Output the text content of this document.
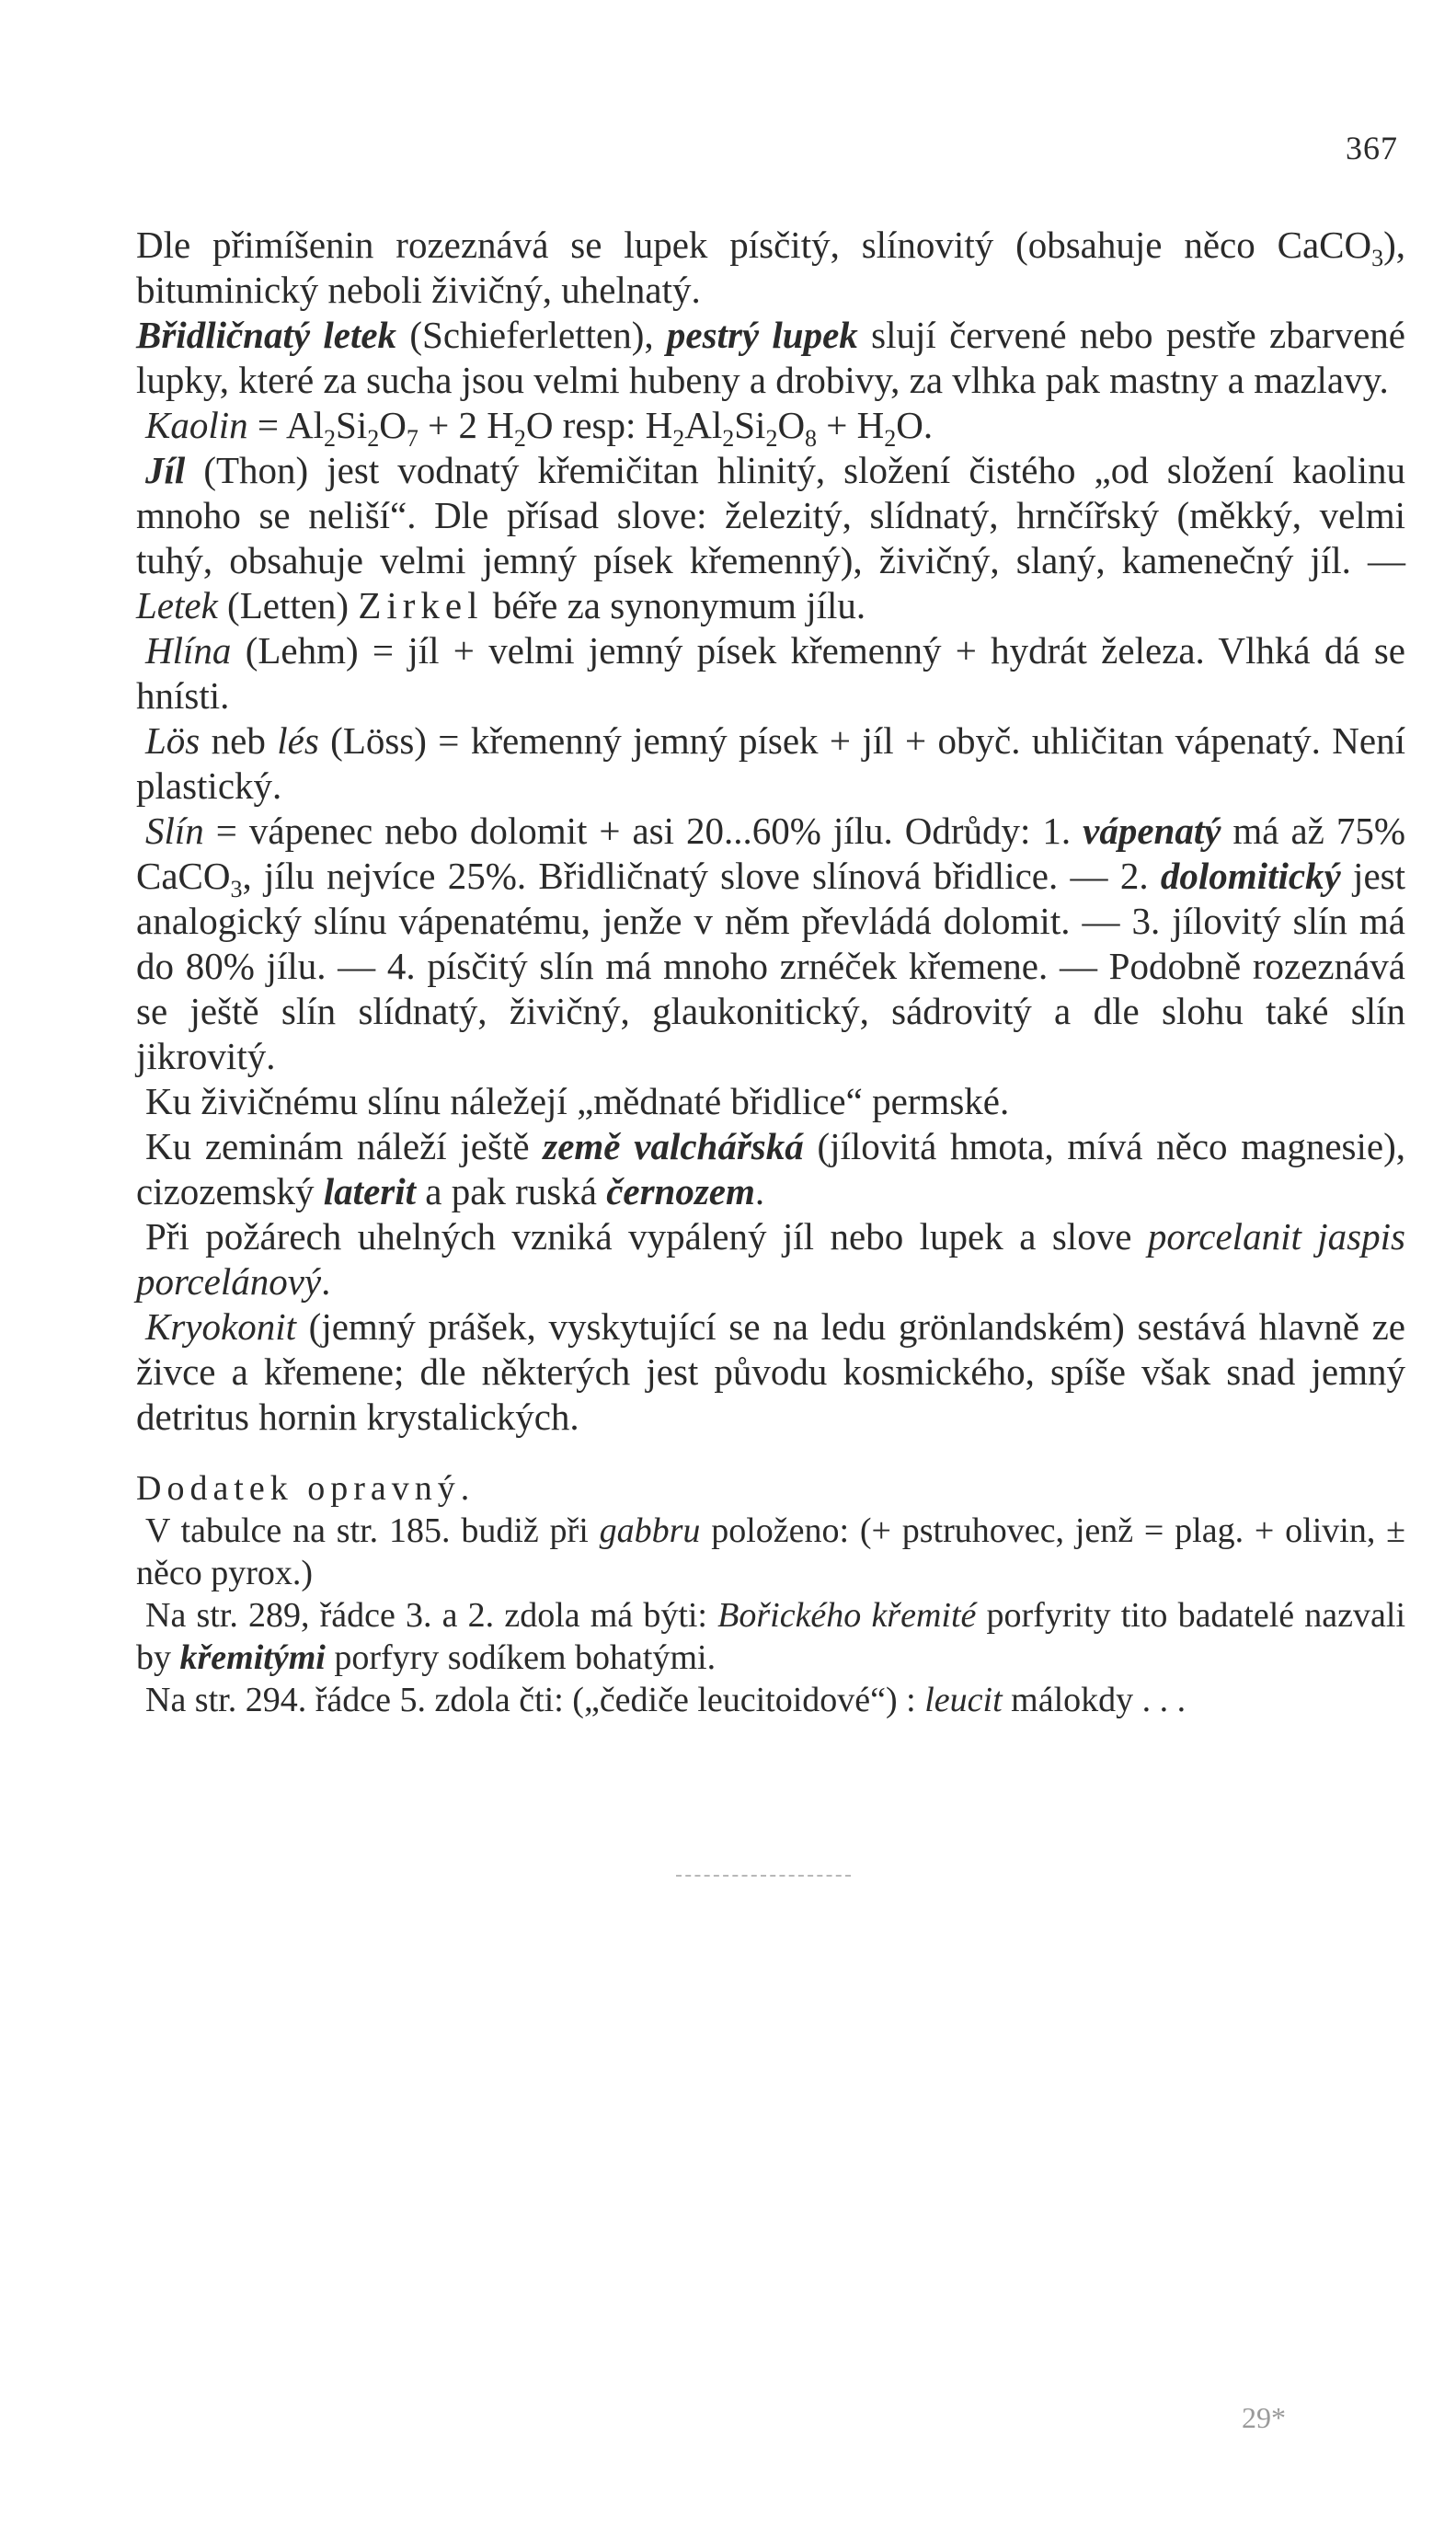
367

Dle přimíšenin rozeznává se lupek písčitý, slínovitý (obsahuje něco CaCO$_3$), bituminický neboli živičný, uhelnatý.

Břidličnatý letek (Schieferletten), pestrý lupek slují červené nebo pestře zbarvené lupky, které za sucha jsou velmi hubeny a drobivy, za vlhka pak mastny a mazlavy.

Kaolin = $Al_2Si_2O_7 + 2$ $H_2O$ resp: $H_2Al_2Si_2O_8 + H_2O$.

Jíl (Thon) jest vodnatý křemičitan hlinitý, složení čistého „od složení kaolinu mnoho se neliší“. Dle přísad slove: železitý, slídnatý, hrnčířský (měkký, velmi tuhý, obsahuje velmi jemný písek křemenný), živičný, slaný, kamenečný jíl. — Letek (Letten) Zirkel béře za synonymum jílu.

Hlína (Lehm) = jíl + velmi jemný písek křemenný + hydrát železa. Vlhká dá se hnísti.

Lös neb lés (Löss) = křemenný jemný písek + jíl + obyč. uhličitan vápenatý. Není plastický.

Slín = vápenec nebo dolomit + asi 20...60% jílu. Odrůdy: 1. vápenatý má až 75% CaCO$_3$, jílu nejvíce 25%. Břidličnatý slove slínová břidlice. — 2. dolomitický jest analogický slínu vápenatému, jenže v něm převládá dolomit. — 3. jílovitý slín má do 80% jílu. — 4. písčitý slín má mnoho zrnéček křemene. — Podobně rozeznává se ještě slín slídnatý, živičný, glaukonitický, sádrovitý a dle slohu také slín jikrovitý.

Ku živičnému slínu náležejí „mědnaté břidlice“ permské.

Ku zeminám náleží ještě země valchářská (jílovitá hmota, mívá něco magnesie), cizozemský laterit a pak ruská černozem.

Při požárech uhelných vzniká vypálený jíl nebo lupek a slove porcelanit jaspis porcelánový.

Kryokonit (jemný prášek, vyskytující se na ledu grönlandském) sestává hlavně ze živce a křemene; dle některých jest původu kosmického, spíše však snad jemný detritus hornin krystalických.

Dodatek opravný.

V tabulce na str. 185. budiž při gabbru položeno: (+ pstruhovec, jenž = plag. + olivin, ± něco pyrox.)

Na str. 289, řádce 3. a 2. zdola má býti: Bořického křemité porfyrity tito badatelé nazvali by křemitými porfyry sodíkem bohatými.

Na str. 294. řádce 5. zdola čti: („čediče leucitoidové“) : leucit málokdy . . .

29*
